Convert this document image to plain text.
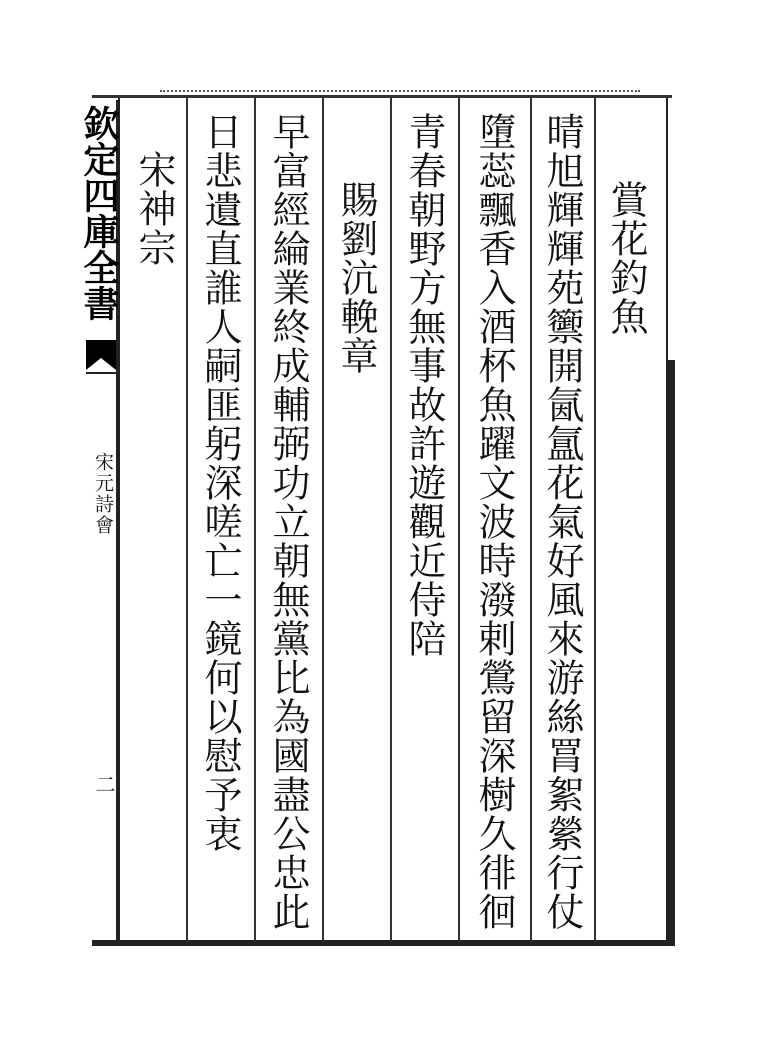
欽定四庫全書
宋元詩會
二
賞花釣魚
晴旭輝輝苑籞開氤氲花氣好風來游絲罥絮縈行仗
墮蕊飄香入酒杯魚躍文波時潑剌鶯留深樹久徘徊
青春朝野方無事故許遊觀近侍陪
賜劉沆輓章
早富經綸業終成輔弼功立朝無黨比為國盡公忠此
日悲遺直誰人嗣匪躬深嗟亡一鏡何以慰予衷
宋神宗
